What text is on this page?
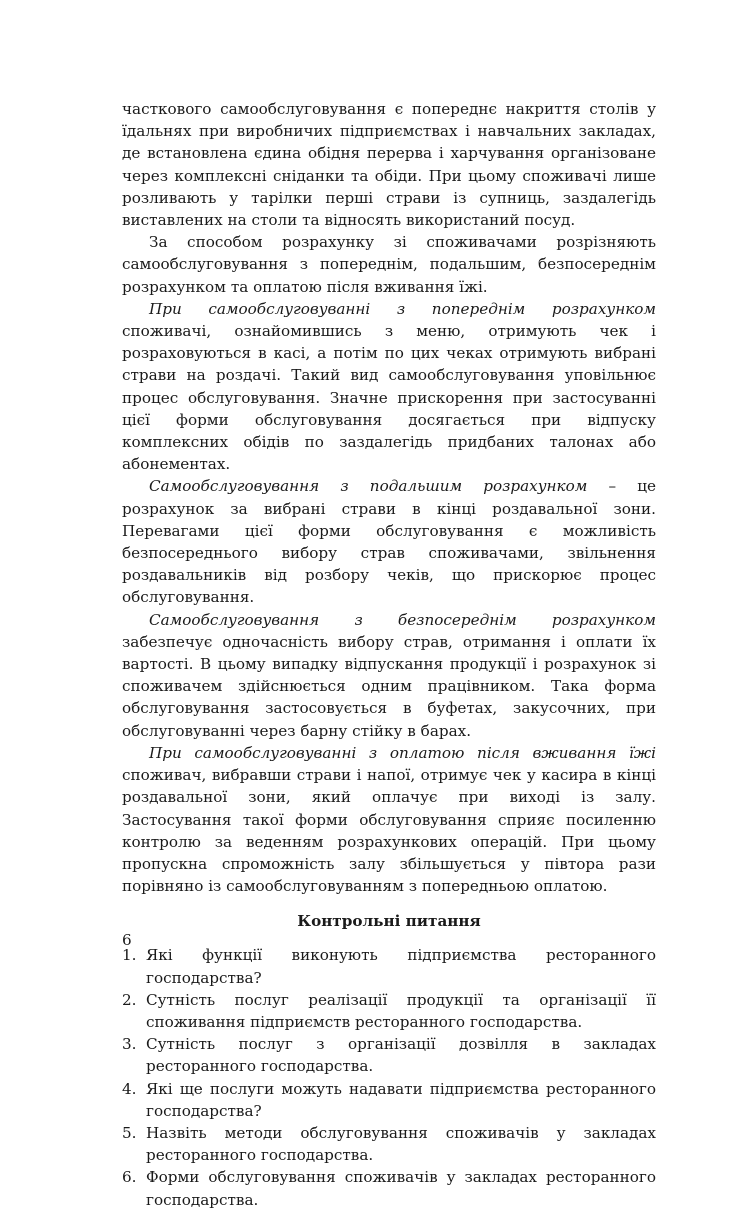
часткового самообслуговування є попереднє накриття столів у їдальнях при виробничих підприємствах і навчальних закладах, де встановлена єдина обідня перерва і харчування організоване через комплексні сніданки та обіди. При цьому споживачі лише розливають у тарілки перші страви із супниць, заздалегідь виставлених на столи та відносять використаний посуд.

За способом розрахунку зі споживачами розрізняють самообслуговування з попереднім, подальшим, безпосереднім розрахунком та оплатою після вживання їжі.

При самообслуговуванні з попереднім розрахунком споживачі, ознайомившись з меню, отримують чек і розраховуються в касі, а потім по цих чеках отримують вибрані страви на роздачі. Такий вид самообслуговування уповільнює процес обслуговування. Значне прискорення при застосуванні цієї форми обслуговування досягається при відпуску комплексних обідів по заздалегідь придбаних талонах або абонементах.

Самообслуговування з подальшим розрахунком – це розрахунок за вибрані страви в кінці роздавальної зони. Перевагами цієї форми обслуговування є можливість безпосереднього вибору страв споживачами, звільнення роздавальників від розбору чеків, що прискорює процес обслуговування.

Самообслуговування з безпосереднім розрахунком забезпечує одночасність вибору страв, отримання і оплати їх вартості. В цьому випадку відпускання продукції і розрахунок зі споживачем здійснюється одним працівником. Така форма обслуговування застосовується в буфетах, закусочних, при обслуговуванні через барну стійку в барах.

При самообслуговуванні з оплатою після вживання їжі споживач, вибравши страви і напої, отримує чек у касира в кінці роздавальної зони, який оплачує при виході із залу. Застосування такої форми обслуговування сприяє посиленню контролю за веденням розрахункових операцій. При цьому пропускна спроможність залу збільшується у півтора рази порівняно із самообслуговуванням з попередньою оплатою.

Контрольні питання
1. Які функції виконують підприємства ресторанного господарства?
2. Сутність послуг реалізації продукції та організації її споживання підприємств ресторанного господарства.
3. Сутність послуг з організації дозвілля в закладах ресторанного господарства.
4. Які ще послуги можуть надавати підприємства ресторанного господарства?
5. Назвіть методи обслуговування споживачів у закладах ресторанного господарства.
6. Форми обслуговування споживачів у закладах ресторанного господарства.
6
